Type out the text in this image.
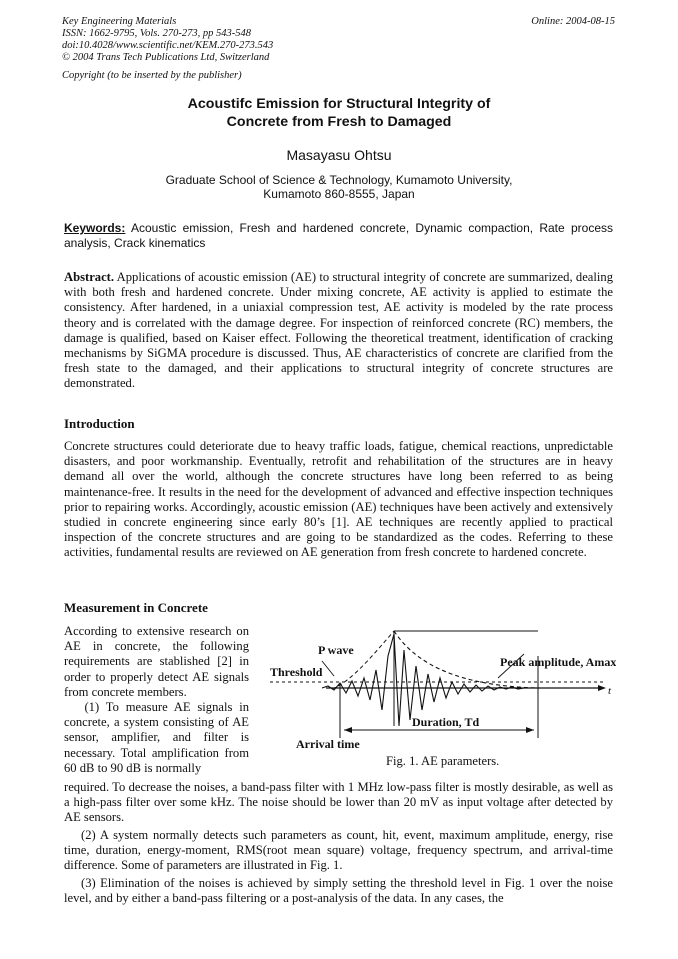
Key Engineering Materials
ISSN: 1662-9795, Vols. 270-273, pp 543-548
doi:10.4028/www.scientific.net/KEM.270-273.543
© 2004 Trans Tech Publications Ltd, Switzerland
Online: 2004-08-15
Copyright (to be inserted by the publisher)
Acoustifc Emission for Structural Integrity of
Concrete from Fresh to Damaged
Masayasu Ohtsu
Graduate School of Science & Technology, Kumamoto University,
Kumamoto 860-8555, Japan
Keywords: Acoustic emission, Fresh and hardened concrete, Dynamic compaction, Rate process analysis, Crack kinematics

Abstract. Applications of acoustic emission (AE) to structural integrity of concrete are summarized, dealing with both fresh and hardened concrete. Under mixing concrete, AE activity is applied to estimate the consistency. After hardened, in a uniaxial compression test, AE activity is modeled by the rate process theory and is correlated with the damage degree. For inspection of reinforced concrete (RC) members, the damage is qualified, based on Kaiser effect. Following the theoretical treatment, identification of cracking mechanisms by SiGMA procedure is discussed. Thus, AE characteristics of concrete are clarified from the fresh state to the damaged, and their applications to structural integrity of concrete structures are demonstrated.

Introduction

Concrete structures could deteriorate due to heavy traffic loads, fatigue, chemical reactions, unpredictable disasters, and poor workmanship. Eventually, retrofit and rehabilitation of the structures are in heavy demand all over the world, although the concrete structures have long been referred to as being maintenance-free. It results in the need for the development of advanced and effective inspection techniques prior to repairing works. Accordingly, acoustic emission (AE) techniques have been actively and extensively studied in concrete engineering since early 80’s [1]. AE techniques are recently applied to practical inspection of the concrete structures and are going to be standardized as the codes. Referring to these activities, fundamental results are reviewed on AE generation from fresh concrete to hardened concrete.

Measurement in Concrete
According to extensive research on AE in concrete, the following requirements are stablished [2] in order to properly detect AE signals from concrete members.
(1) To measure AE signals in concrete, a system consisting of AE sensor, amplifier, and filter is necessary. Total amplification from 60 dB to 90 dB is normally
P wave
Threshold
Peak amplitude, Amax
t
Duration, Td
Arrival time
Fig. 1. AE parameters.

required. To decrease the noises, a band-pass filter with 1 MHz low-pass filter is mostly desirable, as well as a high-pass filter over some kHz. The noise should be lower than 20 mV as input voltage after detected by AE sensors.

(2) A system normally detects such parameters as count, hit, event, maximum amplitude, energy, rise time, duration, energy-moment, RMS(root mean square) voltage, frequency spectrum, and arrival-time difference. Some of parameters are illustrated in Fig. 1.

(3) Elimination of the noises is achieved by simply setting the threshold level in Fig. 1 over the noise level, and by either a band-pass filtering or a post-analysis of the data. In any cases, the
